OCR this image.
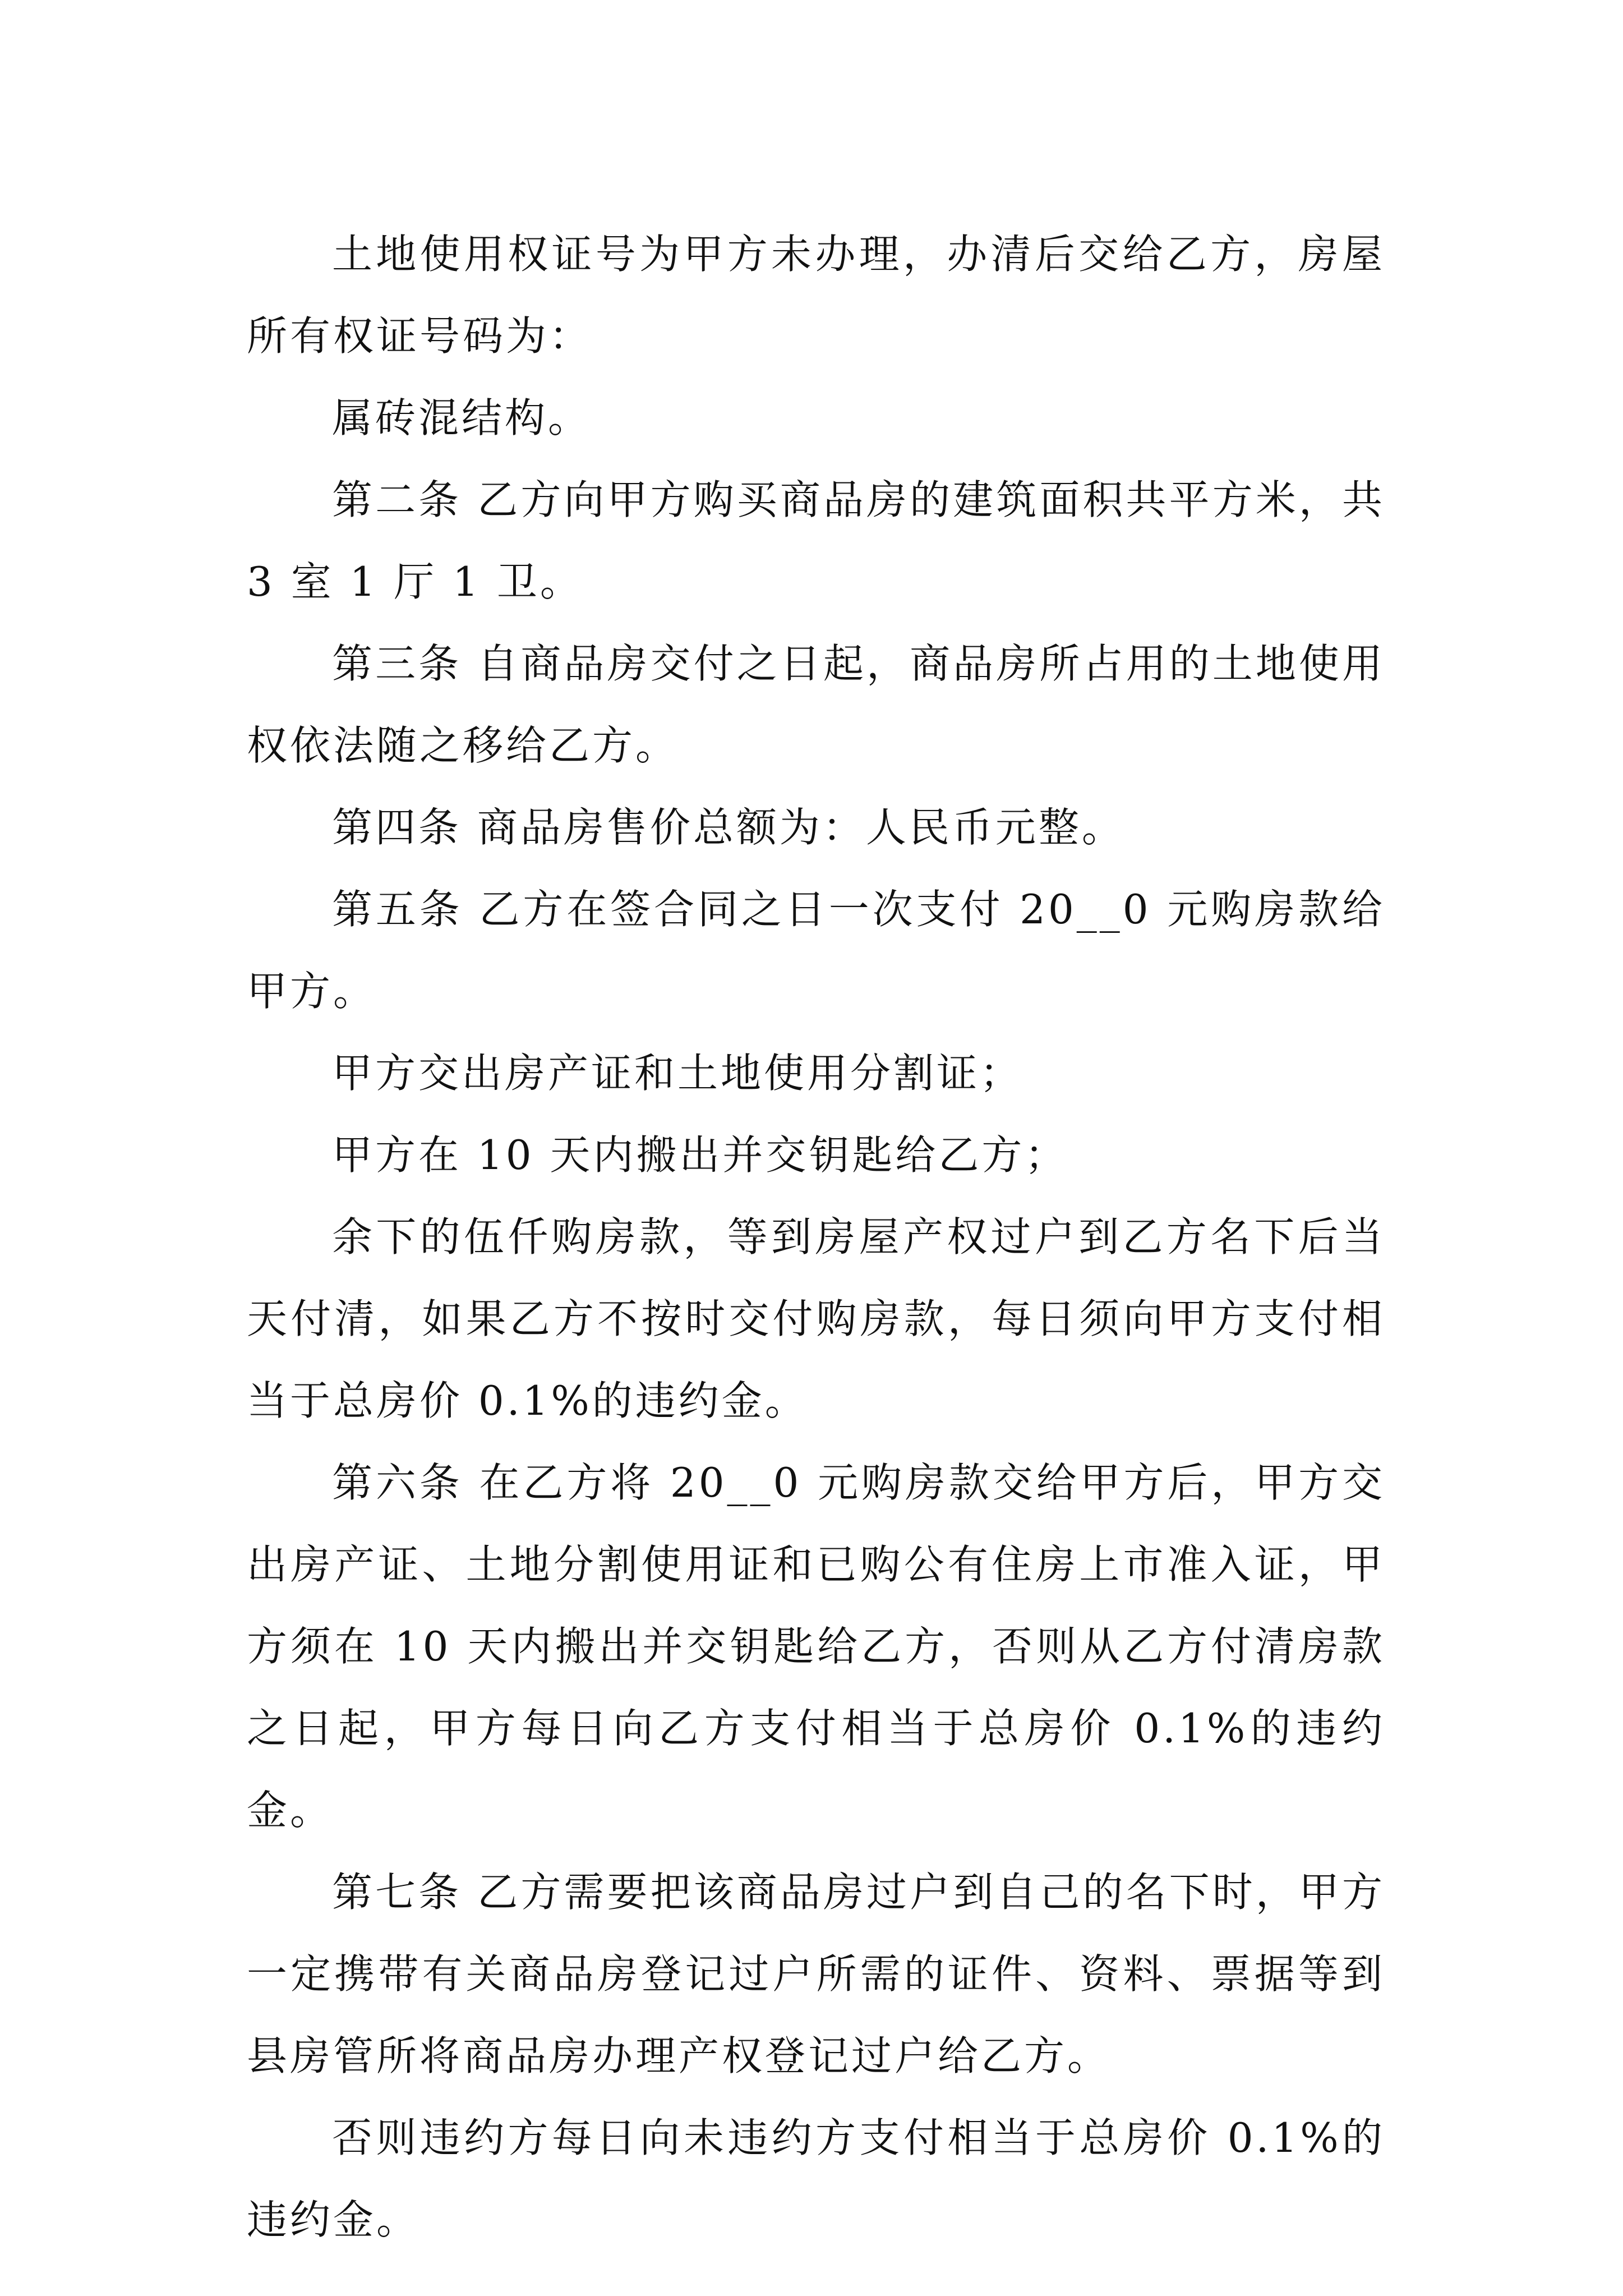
土地使用权证号为甲方未办理，办清后交给乙方，房屋所有权证号码为：

属砖混结构。

第二条 乙方向甲方购买商品房的建筑面积共平方米，共 3 室 1 厅 1 卫。

第三条 自商品房交付之日起，商品房所占用的土地使用权依法随之移给乙方。

第四条 商品房售价总额为：人民币元整。

第五条 乙方在签合同之日一次支付 20__0 元购房款给甲方。

甲方交出房产证和土地使用分割证；

甲方在 10 天内搬出并交钥匙给乙方；

余下的伍仟购房款，等到房屋产权过户到乙方名下后当天付清，如果乙方不按时交付购房款，每日须向甲方支付相当于总房价 0.1%的违约金。

第六条 在乙方将 20__0 元购房款交给甲方后，甲方交出房产证、土地分割使用证和已购公有住房上市准入证，甲方须在 10 天内搬出并交钥匙给乙方，否则从乙方付清房款之日起，甲方每日向乙方支付相当于总房价 0.1%的违约金。

第七条 乙方需要把该商品房过户到自己的名下时，甲方一定携带有关商品房登记过户所需的证件、资料、票据等到县房管所将商品房办理产权登记过户给乙方。

否则违约方每日向未违约方支付相当于总房价 0.1%的违约金。
